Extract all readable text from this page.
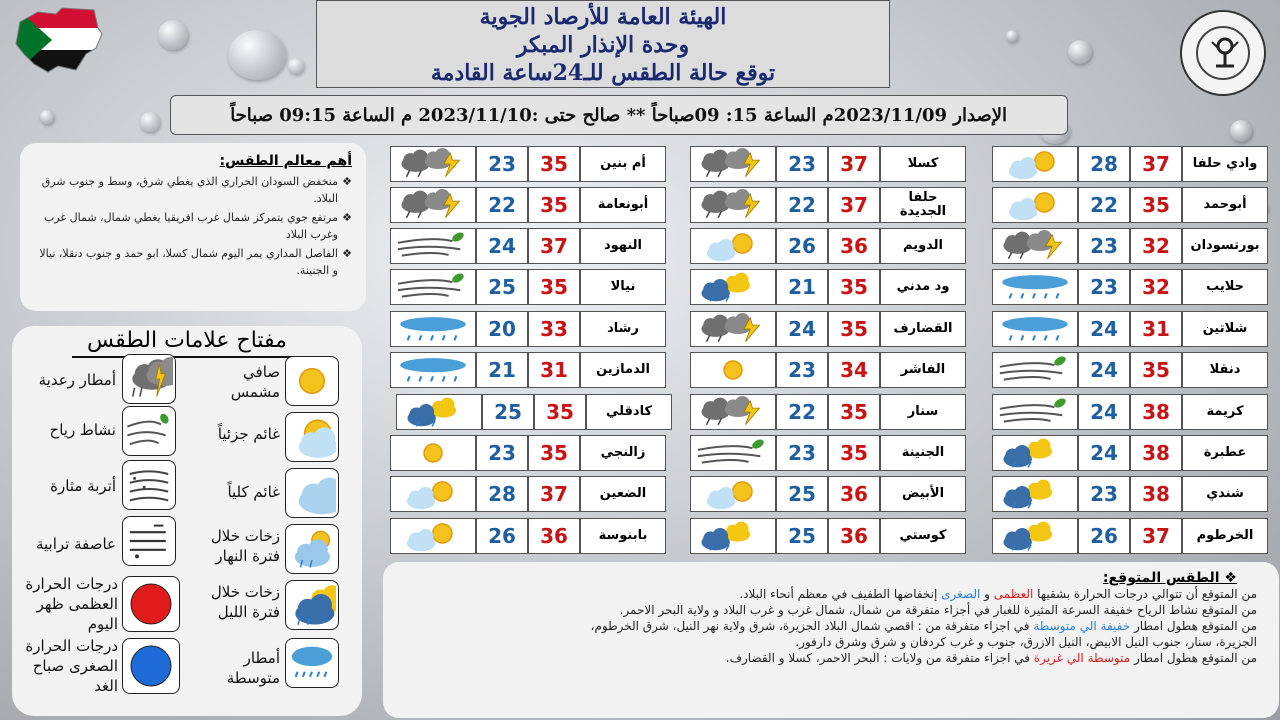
الهيئة العامة للأرصاد الجوية
وحدة الإنذار المبكر
توقع حالة الطقس للـ24ساعة القادمة
الإصدار 2023/11/09م الساعة 15: 09صباحاً ** صالح حتى :2023/11/10 م الساعة 09:15 صباحاً
أهم معالم الطقس:
❖ منخفض السودان الحراري الذي يغطي شرق، وسط و جنوب شرق البلاد.
❖ مرتفع جوي يتمركز شمال غرب افريقيا يغطي شمال، شمال غرب وغرب البلاد
❖ الفاصل المداري يمر اليوم شمال كسلا، ابو حمد و جنوب دنقلا، نيالا و الجنينة.
مفتاح علامات الطقس
صافي مشمس
أمطار رعدية
غائم جزئياً
نشاط رياح
غائم كلياً
أتربة مثارة
زخات خلال فترة النهار
عاصفة ترابية
زخات خلال فترة الليل
درجات الحرارة العظمى ظهر اليوم
أمطار متوسطة
درجات الحرارة الصغرى صباح الغد
28	37	وادي حلفا
22	35	أبوحمد
23	32	بورتسودان
23	32	حلايب
24	31	شلاتين
24	35	دنقلا
24	38	كريمة
24	38	عطبرة
23	38	شندي
26	37	الخرطوم
23	37	كسلا
22	37	حلفا الجديدة
26	36	الدويم
21	35	ود مدني
24	35	القضارف
23	34	الفاشر
22	35	سنار
23	35	الجنينة
25	36	الأبيض
25	36	كوستي
23	35	أم بنين
22	35	أبونعامة
24	37	النهود
25	35	نيالا
20	33	رشاد
21	31	الدمازين
25	35	كادقلي
23	35	زالنجي
28	37	الضعين
26	36	بابنوسة
❖ الطقس المتوقع:
من المتوقع أن تتوالي درجات الحرارة بشقيها العظمى و الصغرى إنخفاضها الطفيف في معظم أنحاء البلاد.
من المتوقع نشاط الرياح خفيفة السرعة المثيرة للغبار في أجزاء متفرقة من شمال، شمال غرب و غرب البلاد و ولاية البحر الاحمر.
من المتوقع هطول امطار خفيفة الي متوسطة في اجزاء متفرقة من : اقصي شمال البلاد الجزيرة، شرق ولاية نهر النيل، شرق الخرطوم،
الجزيرة، سنار، جنوب النيل الابيض، النيل الازرق، جنوب و غرب كردفان و شرق وشرق دارفور.
من المتوقع هطول امطار متوسطة الي غزيرة في اجزاء متفرقة من ولايات : البحر الاحمر، كسلا و القضارف.
